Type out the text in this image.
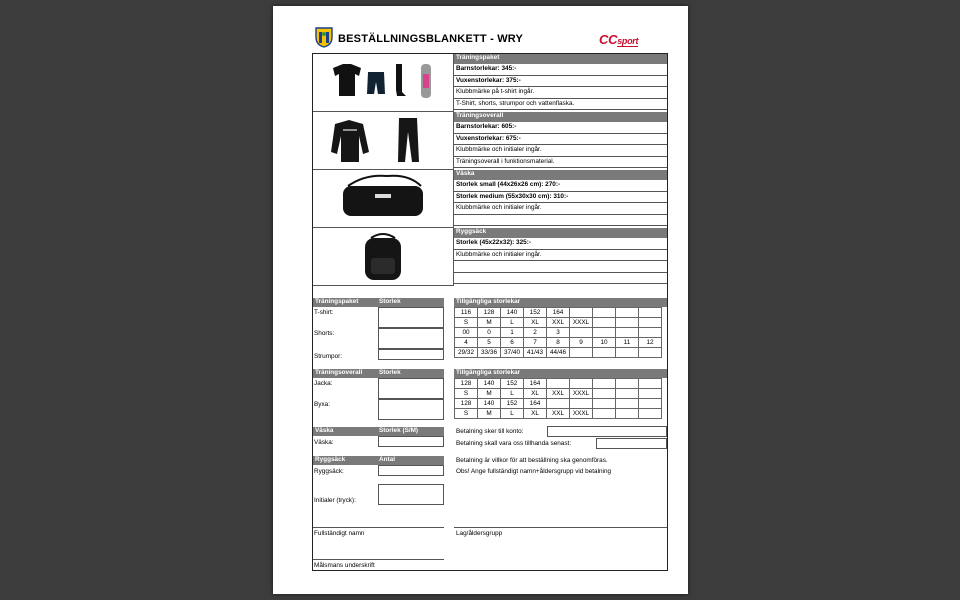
BESTÄLLNINGSBLANKETT - WRY	CCsport
Träningspaket
Barnstorlekar: 345:-
Vuxenstorlekar: 375:-
Klubbmärke på t-shirt ingår.
T-Shirt, shorts, strumpor och vattenflaska.
Träningsoverall
Barnstorlekar: 605:-
Vuxenstorlekar: 675:-
Klubbmärke och initialer ingår.
Träningsoverall i funktionsmaterial.
Väska
Storlek small (44x26x26 cm): 270:-
Storlek medium (55x30x30 cm): 310:-
Klubbmärke och initialer ingår.
Ryggsäck
Storlek (45x22x32): 325:-
Klubbmärke och initialer ingår.
Träningspaket	Storlek
T-shirt:
Shorts:
Strumpor:
Tillgängliga storlekar
116	128	140	152	164				
S	M	L	XL	XXL	XXXL			
00	0	1	2	3				
4	5	6	7	8	9	10	11	12
29/32	33/36	37/40	41/43	44/46				
Träningsoverall	Storlek
Jacka:
Byxa:
Tillgängliga storlekar
128	140	152	164					
S	M	L	XL	XXL	XXXL			
128	140	152	164					
S	M	L	XL	XXL	XXXL			
Väska	Storlek (S/M)
Väska:
Betalning sker till konto:
Betalning skall vara oss tillhanda senast:
Ryggsäck	Antal
Ryggsäck:
Betalning är villkor för att beställning ska genomföras.
Obs! Ange fullständigt namn+åldersgrupp vid betalning
Initialer (tryck):
Fullständigt namn	Lag/åldersgrupp
Målsmans underskrift
